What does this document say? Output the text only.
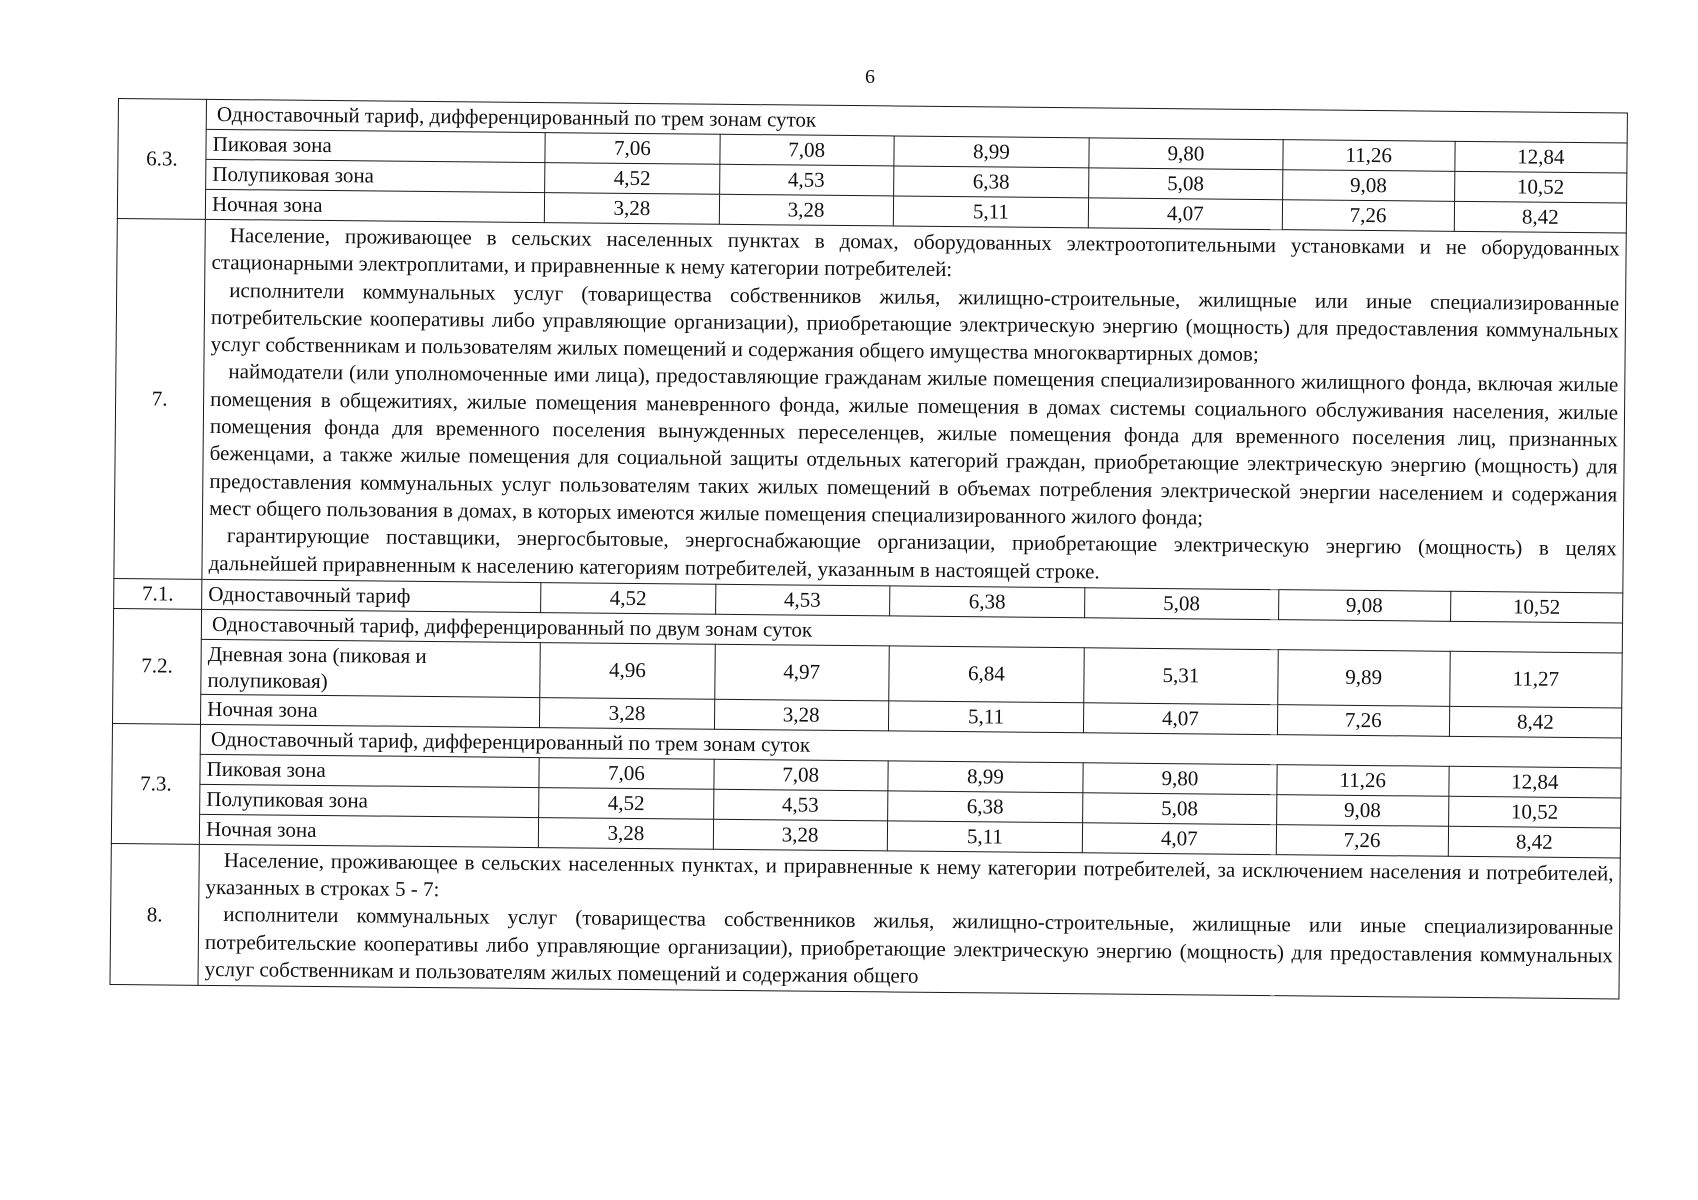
6
6.3.	Одноставочный тариф, дифференцированный по трем зонам суток						
	Пиковая зона	7,06	7,08	8,99	9,80	11,26	12,84
	Полупиковая зона	4,52	4,53	6,38	5,08	9,08	10,52
	Ночная зона	3,28	3,28	5,11	4,07	7,26	8,42
7.	Население, проживающее в сельских населенных пунктах в домах, оборудованных электроотопительными установками и не оборудованных стационарными электроплитами, и приравненные к нему категории потребителей:

исполнители коммунальных услуг (товарищества собственников жилья, жилищно-строительные, жилищные или иные специализированные потребительские кооперативы либо управляющие организации), приобретающие электрическую энергию (мощность) для предоставления коммунальных услуг собственникам и пользователям жилых помещений и содержания общего имущества многоквартирных домов;

наймодатели (или уполномоченные ими лица), предоставляющие гражданам жилые помещения специализированного жилищного фонда, включая жилые помещения в общежитиях, жилые помещения маневренного фонда, жилые помещения в домах системы социального обслуживания населения, жилые помещения фонда для временного поселения вынужденных переселенцев, жилые помещения фонда для временного поселения лиц, признанных беженцами, а также жилые помещения для социальной защиты отдельных категорий граждан, приобретающие электрическую энергию (мощность) для предоставления коммунальных услуг пользователям таких жилых помещений в объемах потребления электрической энергии населением и содержания мест общего пользования в домах, в которых имеются жилые помещения специализированного жилого фонда;

гарантирующие поставщики, энергосбытовые, энергоснабжающие организации, приобретающие электрическую энергию (мощность) в целях дальнейшей приравненным к населению категориям потребителей, указанным в настоящей строке.						

7.1.	Одноставочный тариф	4,52	4,53	6,38	5,08	9,08	10,52
7.2.	Одноставочный тариф, дифференцированный по двум зонам суток						
	Дневная зона (пиковая и полупиковая)	4,96	4,97	6,84	5,31	9,89	11,27
	Ночная зона	3,28	3,28	5,11	4,07	7,26	8,42
7.3.	Одноставочный тариф, дифференцированный по трем зонам суток						
	Пиковая зона	7,06	7,08	8,99	9,80	11,26	12,84
	Полупиковая зона	4,52	4,53	6,38	5,08	9,08	10,52
	Ночная зона	3,28	3,28	5,11	4,07	7,26	8,42
8.	Население, проживающее в сельских населенных пунктах, и приравненные к нему категории потребителей, за исключением населения и потребителей, указанных в строках 5 - 7:

исполнители коммунальных услуг (товарищества собственников жилья, жилищно-строительные, жилищные или иные специализированные потребительские кооперативы либо управляющие организации), приобретающие электрическую энергию (мощность) для предоставления коммунальных услуг собственникам и пользователям жилых помещений и содержания общего						
